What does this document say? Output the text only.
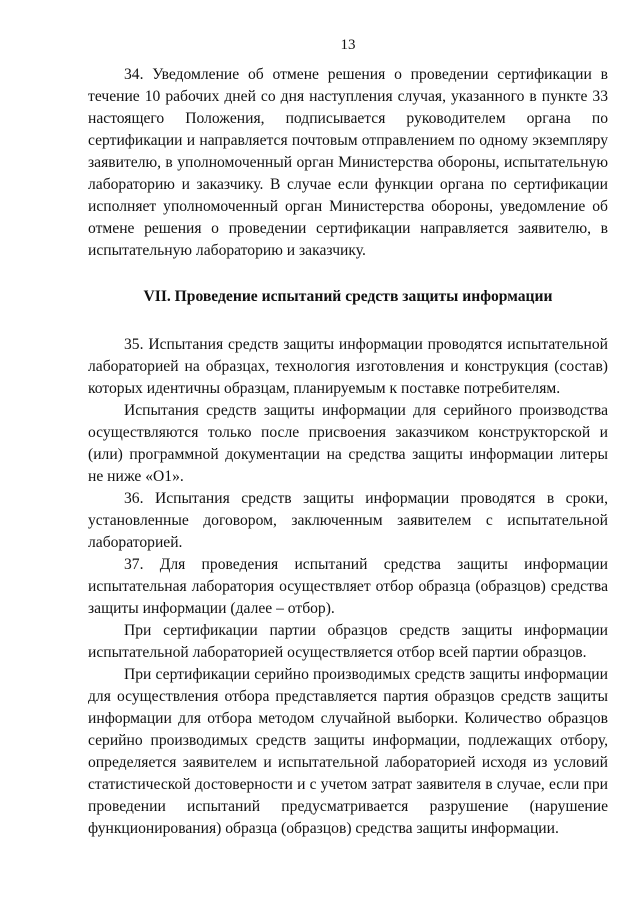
13

34. Уведомление об отмене решения о проведении сертификации в течение 10 рабочих дней со дня наступления случая, указанного в пункте 33 настоящего Положения, подписывается руководителем органа по сертификации и направляется почтовым отправлением по одному экземпляру заявителю, в уполномоченный орган Министерства обороны, испытательную лабораторию и заказчику. В случае если функции органа по сертификации исполняет уполномоченный орган Министерства обороны, уведомление об отмене решения о проведении сертификации направляется заявителю, в испытательную лабораторию и заказчику.

VII. Проведение испытаний средств защиты информации

35. Испытания средств защиты информации проводятся испытательной лабораторией на образцах, технология изготовления и конструкция (состав) которых идентичны образцам, планируемым к поставке потребителям.

Испытания средств защиты информации для серийного производства осуществляются только после присвоения заказчиком конструкторской и (или) программной документации на средства защиты информации литеры не ниже «О1».

36. Испытания средств защиты информации проводятся в сроки, установленные договором, заключенным заявителем с испытательной лабораторией.

37. Для проведения испытаний средства защиты информации испытательная лаборатория осуществляет отбор образца (образцов) средства защиты информации (далее – отбор).

При сертификации партии образцов средств защиты информации испытательной лабораторией осуществляется отбор всей партии образцов.

При сертификации серийно производимых средств защиты информации для осуществления отбора представляется партия образцов средств защиты информации для отбора методом случайной выборки. Количество образцов серийно производимых средств защиты информации, подлежащих отбору, определяется заявителем и испытательной лабораторией исходя из условий статистической достоверности и с учетом затрат заявителя в случае, если при проведении испытаний предусматривается разрушение (нарушение функционирования) образца (образцов) средства защиты информации.
